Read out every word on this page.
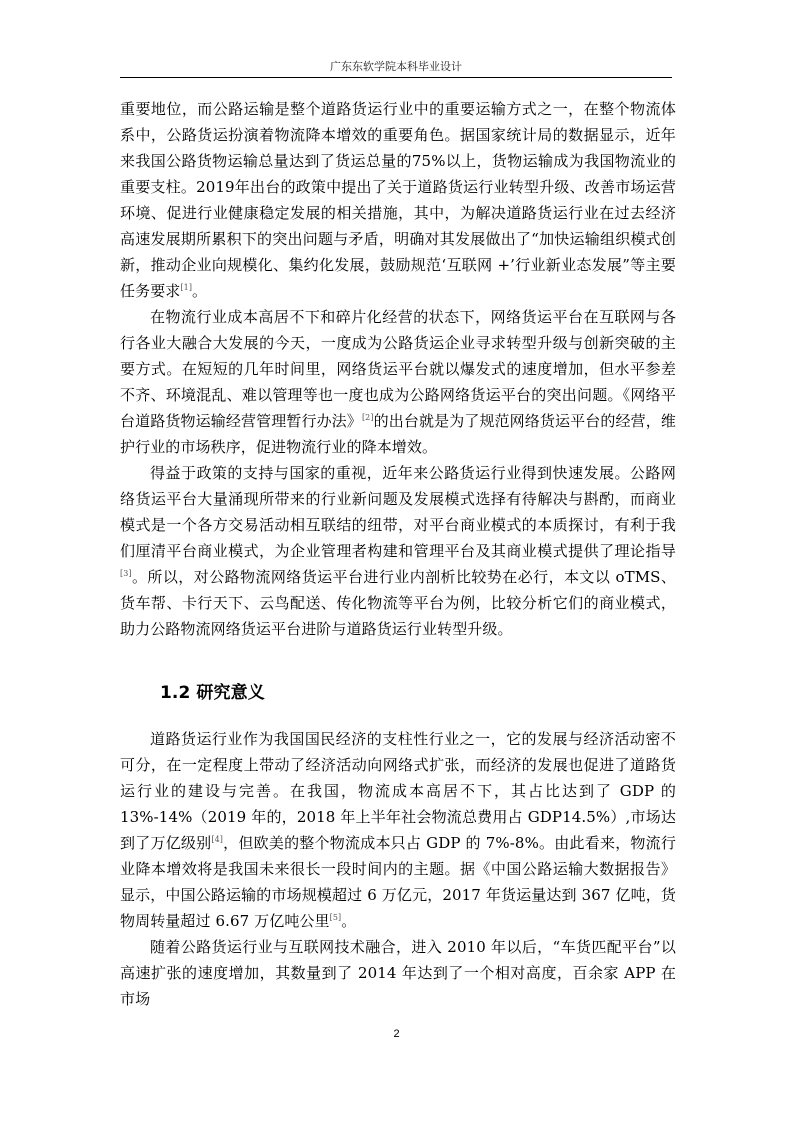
广东东软学院本科毕业设计

重要地位，而公路运输是整个道路货运行业中的重要运输方式之一，在整个物流体系中，公路货运扮演着物流降本增效的重要角色。据国家统计局的数据显示，近年来我国公路货物运输总量达到了货运总量的75%以上，货物运输成为我国物流业的重要支柱。2019年出台的政策中提出了关于道路货运行业转型升级、改善市场运营环境、促进行业健康稳定发展的相关措施，其中，为解决道路货运行业在过去经济高速发展期所累积下的突出问题与矛盾，明确对其发展做出了“加快运输组织模式创新，推动企业向规模化、集约化发展，鼓励规范‘互联网 +’行业新业态发展”等主要任务要求[1]。

在物流行业成本高居不下和碎片化经营的状态下，网络货运平台在互联网与各行各业大融合大发展的今天，一度成为公路货运企业寻求转型升级与创新突破的主要方式。在短短的几年时间里，网络货运平台就以爆发式的速度增加，但水平参差不齐、环境混乱、难以管理等也一度也成为公路网络货运平台的突出问题。《网络平台道路货物运输经营管理暂行办法》[2]的出台就是为了规范网络货运平台的经营，维护行业的市场秩序，促进物流行业的降本增效。

得益于政策的支持与国家的重视，近年来公路货运行业得到快速发展。公路网络货运平台大量涌现所带来的行业新问题及发展模式选择有待解决与斟酌，而商业模式是一个各方交易活动相互联结的纽带，对平台商业模式的本质探讨，有利于我们厘清平台商业模式，为企业管理者构建和管理平台及其商业模式提供了理论指导[3]。所以，对公路物流网络货运平台进行业内剖析比较势在必行，本文以 oTMS、货车帮、卡行天下、云鸟配送、传化物流等平台为例，比较分析它们的商业模式，助力公路物流网络货运平台进阶与道路货运行业转型升级。

1.2 研究意义

道路货运行业作为我国国民经济的支柱性行业之一，它的发展与经济活动密不可分，在一定程度上带动了经济活动向网络式扩张，而经济的发展也促进了道路货运行业的建设与完善。在我国，物流成本高居不下，其占比达到了 GDP 的 13%-14%（2019 年的，2018 年上半年社会物流总费用占 GDP14.5%）,市场达到了万亿级别[4]，但欧美的整个物流成本只占 GDP 的 7%-8%。由此看来，物流行业降本增效将是我国未来很长一段时间内的主题。据《中国公路运输大数据报告》显示，中国公路运输的市场规模超过 6 万亿元，2017 年货运量达到 367 亿吨，货物周转量超过 6.67 万亿吨公里[5]。

随着公路货运行业与互联网技术融合，进入 2010 年以后，“车货匹配平台”以高速扩张的速度增加，其数量到了 2014 年达到了一个相对高度，百余家 APP 在市场

2
